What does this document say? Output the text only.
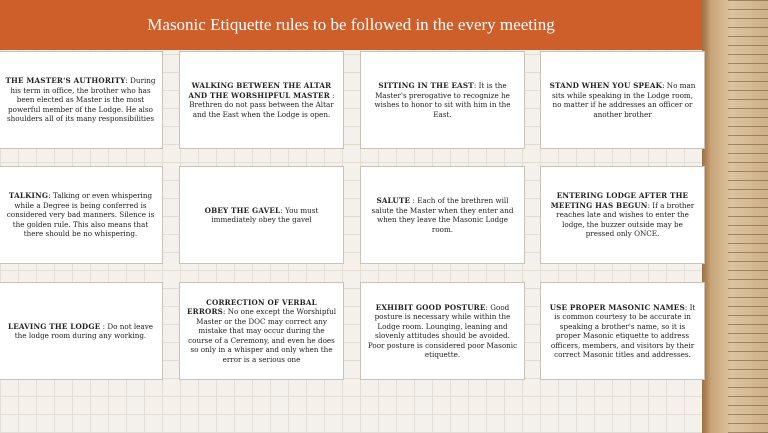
Masonic Etiquette rules to be followed in the every meeting
THE MASTER'S AUTHORITY: During his term in office, the brother who has been elected as Master is the most powerful member of the Lodge. He also shoulders all of its many responsibilities
WALKING BETWEEN THE ALTAR AND THE WORSHIPFUL MASTER : Brethren do not pass between the Altar and the East when the Lodge is open.
SITTING IN THE EAST: It is the Master's prerogative to recognize he wishes to honor to sit with him in the East.
STAND WHEN YOU SPEAK: No man sits while speaking in the Lodge room, no matter if he addresses an officer or another brother
TALKING: Talking or even whispering while a Degree is being conferred is considered very bad manners. Silence is the golden rule. This also means that there should be no whispering.
OBEY THE GAVEL: You must immediately obey the gavel
SALUTE : Each of the brethren will salute the Master when they enter and when they leave the Masonic Lodge room.
ENTERING LODGE AFTER THE MEETING HAS BEGUN: If a brother reaches late and wishes to enter the lodge, the buzzer outside may be pressed only ONCE.
LEAVING THE LODGE : Do not leave the lodge room during any working.
CORRECTION OF VERBAL ERRORS: No one except the Worshipful Master or the DOC may correct any mistake that may occur during the course of a Ceremony, and even he does so only in a whisper and only when the error is a serious one
EXHIBIT GOOD POSTURE: Good posture is necessary while within the Lodge room. Lounging, leaning and slovenly attitudes should be avoided. Poor posture is considered poor Masonic etiquette.
USE PROPER MASONIC NAMES: It is common courtesy to be accurate in speaking a brother's name, so it is proper Masonic etiquette to address officers, members, and visitors by their correct Masonic titles and addresses.
